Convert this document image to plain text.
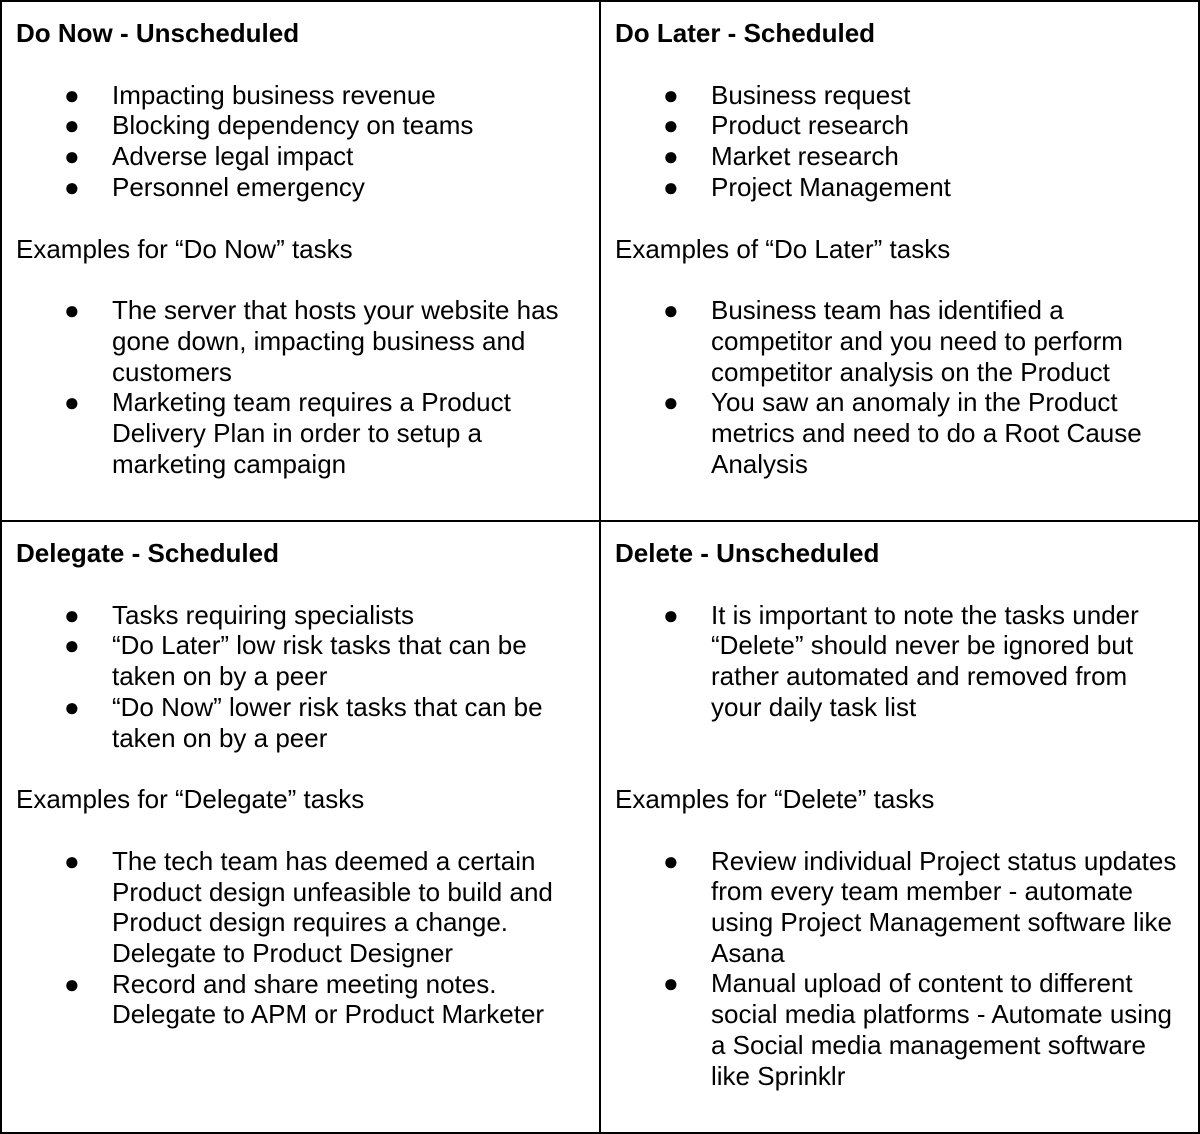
Do Now - Unscheduled

● Impacting business revenue
● Blocking dependency on teams
● Adverse legal impact
● Personnel emergency

Examples for “Do Now” tasks

● The server that hosts your website has gone down, impacting business and customers
● Marketing team requires a Product Delivery Plan in order to setup a marketing campaign

Do Later - Scheduled

● Business request
● Product research
● Market research
● Project Management

Examples of “Do Later” tasks

● Business team has identified a competitor and you need to perform competitor analysis on the Product
● You saw an anomaly in the Product metrics and need to do a Root Cause Analysis

Delegate - Scheduled

● Tasks requiring specialists
● “Do Later” low risk tasks that can be taken on by a peer
● “Do Now” lower risk tasks that can be taken on by a peer

Examples for “Delegate” tasks

● The tech team has deemed a certain Product design unfeasible to build and Product design requires a change. Delegate to Product Designer
● Record and share meeting notes. Delegate to APM or Product Marketer

Delete - Unscheduled

● It is important to note the tasks under “Delete” should never be ignored but rather automated and removed from your daily task list

Examples for “Delete” tasks

● Review individual Project status updates from every team member - automate using Project Management software like Asana
● Manual upload of content to different social media platforms - Automate using a Social media management software like Sprinklr
